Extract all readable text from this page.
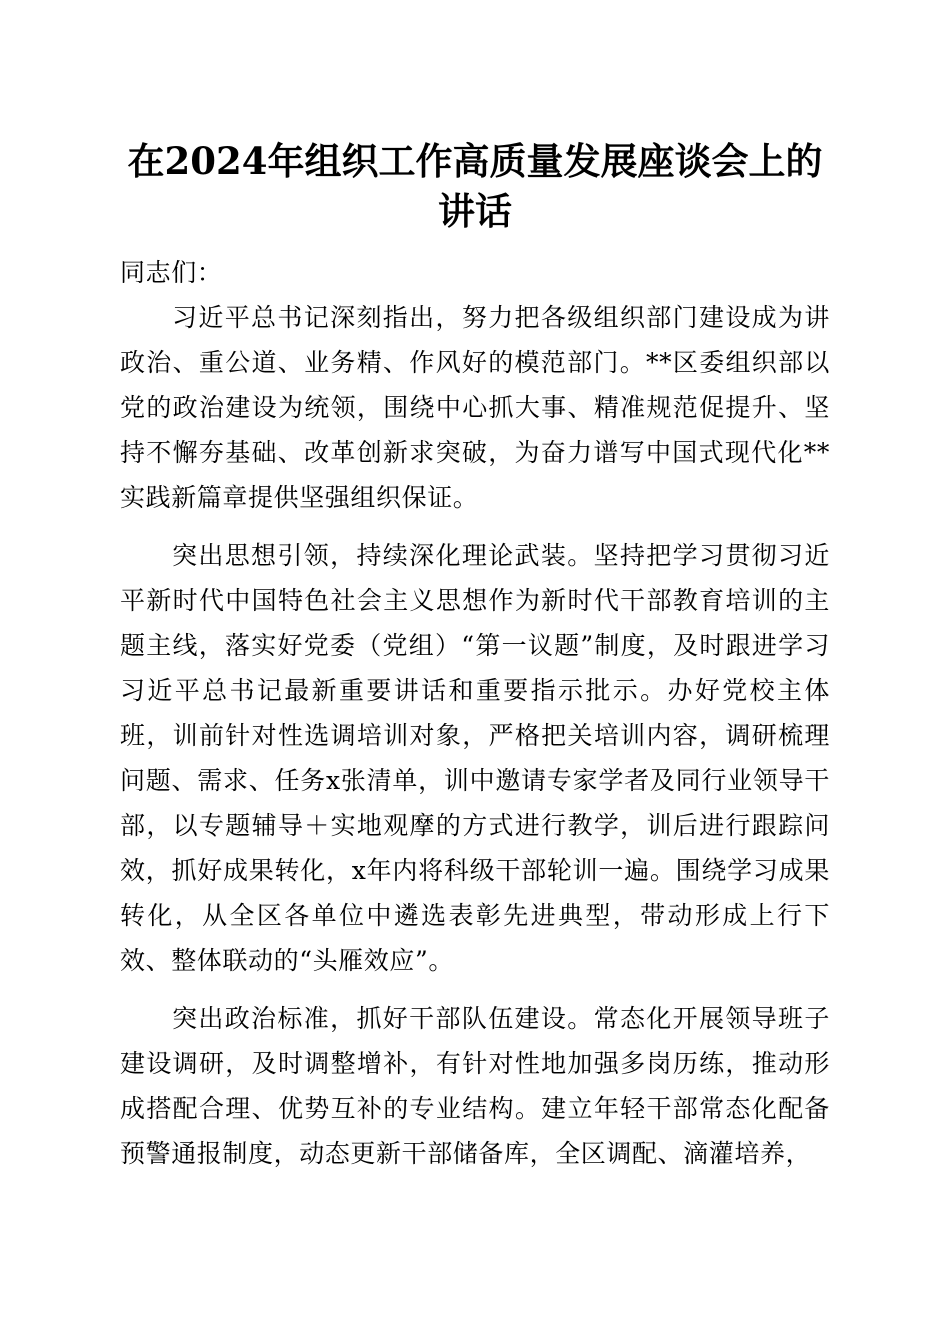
在2024年组织工作高质量发展座谈会上的讲话

同志们：

习近平总书记深刻指出，努力把各级组织部门建设成为讲政治、重公道、业务精、作风好的模范部门。**区委组织部以党的政治建设为统领，围绕中心抓大事、精准规范促提升、坚持不懈夯基础、改革创新求突破，为奋力谱写中国式现代化**实践新篇章提供坚强组织保证。

突出思想引领，持续深化理论武装。坚持把学习贯彻习近平新时代中国特色社会主义思想作为新时代干部教育培训的主题主线，落实好党委（党组）“第一议题”制度，及时跟进学习习近平总书记最新重要讲话和重要指示批示。办好党校主体班，训前针对性选调培训对象，严格把关培训内容，调研梳理问题、需求、任务x张清单，训中邀请专家学者及同行业领导干部，以专题辅导＋实地观摩的方式进行教学，训后进行跟踪问效，抓好成果转化，x年内将科级干部轮训一遍。围绕学习成果转化，从全区各单位中遴选表彰先进典型，带动形成上行下效、整体联动的“头雁效应”。

突出政治标准，抓好干部队伍建设。常态化开展领导班子建设调研，及时调整增补，有针对性地加强多岗历练，推动形成搭配合理、优势互补的专业结构。建立年轻干部常态化配备预警通报制度，动态更新干部储备库，全区调配、滴灌培养，
